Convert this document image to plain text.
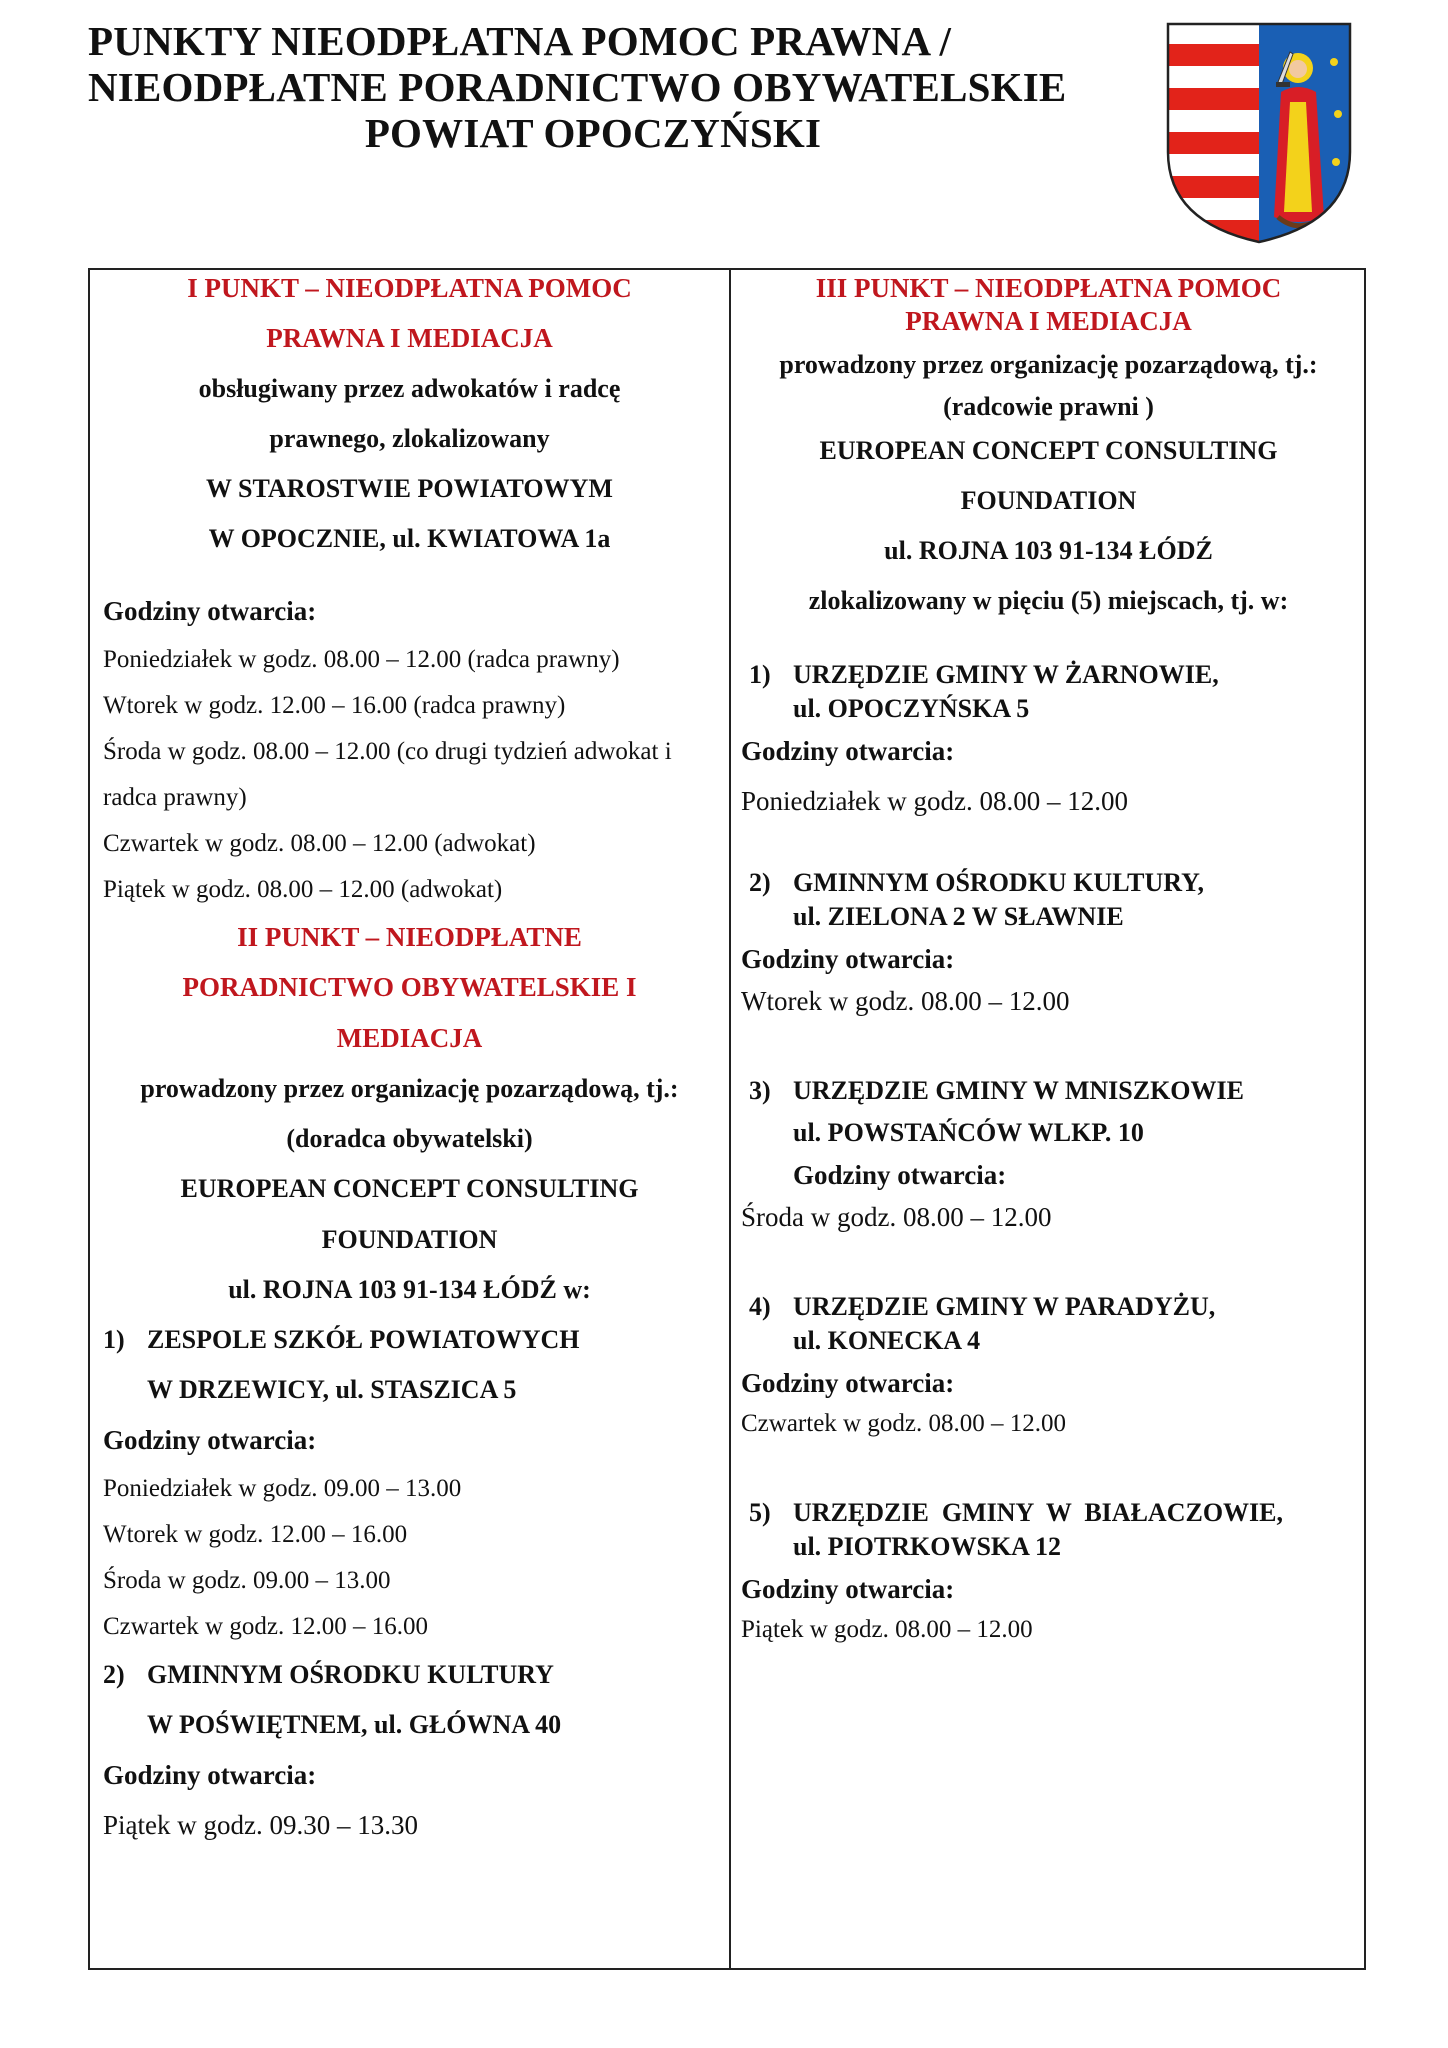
PUNKTY NIEODPŁATNA POMOC PRAWNA /
NIEODPŁATNE PORADNICTWO OBYWATELSKIE
POWIAT OPOCZYŃSKI
I PUNKT – NIEODPŁATNA POMOC
PRAWNA I MEDIACJA
obsługiwany przez adwokatów i radcę
prawnego, zlokalizowany
W STAROSTWIE POWIATOWYM
W OPOCZNIE, ul. KWIATOWA 1a
Godziny otwarcia:
Poniedziałek w godz. 08.00 – 12.00 (radca prawny)
Wtorek w godz. 12.00 – 16.00 (radca prawny)
Środa w godz. 08.00 – 12.00 (co drugi tydzień adwokat i
radca prawny)
Czwartek w godz. 08.00 – 12.00 (adwokat)
Piątek w godz. 08.00 – 12.00 (adwokat)
II PUNKT – NIEODPŁATNE
PORADNICTWO OBYWATELSKIE I
MEDIACJA
prowadzony przez organizację pozarządową, tj.:
(doradca obywatelski)
EUROPEAN CONCEPT CONSULTING
FOUNDATION
ul. ROJNA 103 91-134 ŁÓDŹ w:
1) ZESPOLE SZKÓŁ POWIATOWYCH
W DRZEWICY, ul. STASZICA 5
Godziny otwarcia:
Poniedziałek w godz. 09.00 – 13.00
Wtorek w godz. 12.00 – 16.00
Środa w godz. 09.00 – 13.00
Czwartek w godz. 12.00 – 16.00
2) GMINNYM OŚRODKU KULTURY
W POŚWIĘTNEM, ul. GŁÓWNA 40
Godziny otwarcia:
Piątek w godz. 09.30 – 13.30
III PUNKT – NIEODPŁATNA POMOC
PRAWNA I MEDIACJA
prowadzony przez organizację pozarządową, tj.:
(radcowie prawni )
EUROPEAN CONCEPT CONSULTING
FOUNDATION
ul. ROJNA 103 91-134 ŁÓDŹ
zlokalizowany w pięciu (5) miejscach, tj. w:
1) URZĘDZIE GMINY W ŻARNOWIE,
ul. OPOCZYŃSKA 5
Godziny otwarcia:
Poniedziałek w godz. 08.00 – 12.00
2) GMINNYM OŚRODKU KULTURY,
ul. ZIELONA 2 W SŁAWNIE
Godziny otwarcia:
Wtorek w godz. 08.00 – 12.00
3) URZĘDZIE GMINY W MNISZKOWIE
ul. POWSTAŃCÓW WLKP. 10
Godziny otwarcia:
Środa w godz. 08.00 – 12.00
4) URZĘDZIE GMINY W PARADYŻU,
ul. KONECKA 4
Godziny otwarcia:
Czwartek w godz. 08.00 – 12.00
5) URZĘDZIE  GMINY  W  BIAŁACZOWIE,
ul. PIOTRKOWSKA 12
Godziny otwarcia:
Piątek w godz. 08.00 – 12.00
